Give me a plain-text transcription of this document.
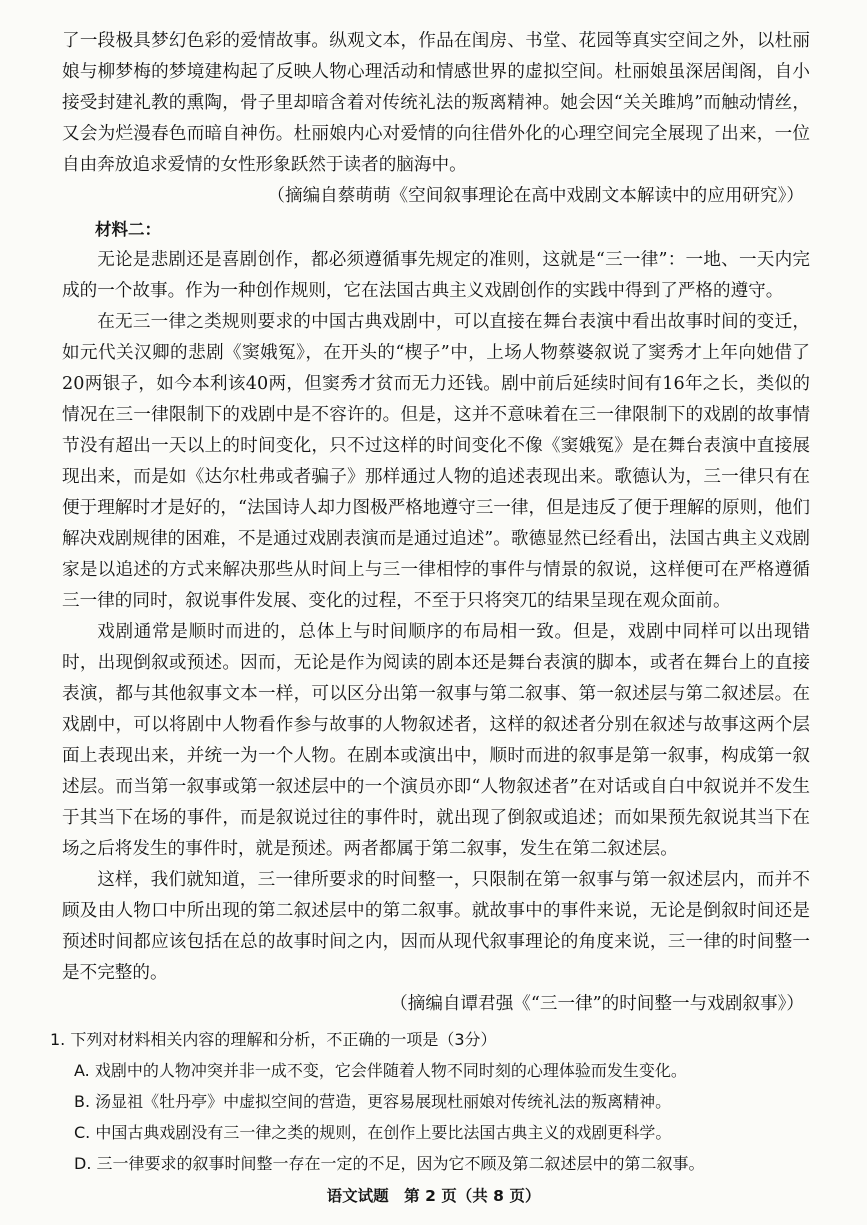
了一段极具梦幻色彩的爱情故事。纵观文本，作品在闺房、书堂、花园等真实空间之外，以杜丽娘与柳梦梅的梦境建构起了反映人物心理活动和情感世界的虚拟空间。杜丽娘虽深居闺阁，自小接受封建礼教的熏陶，骨子里却暗含着对传统礼法的叛离精神。她会因“关关雎鸠”而触动情丝，又会为烂漫春色而暗自神伤。杜丽娘内心对爱情的向往借外化的心理空间完全展现了出来，一位自由奔放追求爱情的女性形象跃然于读者的脑海中。

（摘编自蔡萌萌《空间叙事理论在高中戏剧文本解读中的应用研究》）

材料二：

无论是悲剧还是喜剧创作，都必须遵循事先规定的准则，这就是“三一律”：一地、一天内完成的一个故事。作为一种创作规则，它在法国古典主义戏剧创作的实践中得到了严格的遵守。

在无三一律之类规则要求的中国古典戏剧中，可以直接在舞台表演中看出故事时间的变迁，如元代关汉卿的悲剧《窦娥冤》，在开头的“楔子”中，上场人物蔡婆叙说了窦秀才上年向她借了20两银子，如今本利该40两，但窦秀才贫而无力还钱。剧中前后延续时间有16年之长，类似的情况在三一律限制下的戏剧中是不容许的。但是，这并不意味着在三一律限制下的戏剧的故事情节没有超出一天以上的时间变化，只不过这样的时间变化不像《窦娥冤》是在舞台表演中直接展现出来，而是如《达尔杜弗或者骗子》那样通过人物的追述表现出来。歌德认为，三一律只有在便于理解时才是好的，“法国诗人却力图极严格地遵守三一律，但是违反了便于理解的原则，他们解决戏剧规律的困难，不是通过戏剧表演而是通过追述”。歌德显然已经看出，法国古典主义戏剧家是以追述的方式来解决那些从时间上与三一律相悖的事件与情景的叙说，这样便可在严格遵循三一律的同时，叙说事件发展、变化的过程，不至于只将突兀的结果呈现在观众面前。

戏剧通常是顺时而进的，总体上与时间顺序的布局相一致。但是，戏剧中同样可以出现错时，出现倒叙或预述。因而，无论是作为阅读的剧本还是舞台表演的脚本，或者在舞台上的直接表演，都与其他叙事文本一样，可以区分出第一叙事与第二叙事、第一叙述层与第二叙述层。在戏剧中，可以将剧中人物看作参与故事的人物叙述者，这样的叙述者分别在叙述与故事这两个层面上表现出来，并统一为一个人物。在剧本或演出中，顺时而进的叙事是第一叙事，构成第一叙述层。而当第一叙事或第一叙述层中的一个演员亦即“人物叙述者”在对话或自白中叙说并不发生于其当下在场的事件，而是叙说过往的事件时，就出现了倒叙或追述；而如果预先叙说其当下在场之后将发生的事件时，就是预述。两者都属于第二叙事，发生在第二叙述层。

这样，我们就知道，三一律所要求的时间整一，只限制在第一叙事与第一叙述层内，而并不顾及由人物口中所出现的第二叙述层中的第二叙事。就故事中的事件来说，无论是倒叙时间还是预述时间都应该包括在总的故事时间之内，因而从现代叙事理论的角度来说，三一律的时间整一是不完整的。

（摘编自谭君强《“三一律”的时间整一与戏剧叙事》）

1. 下列对材料相关内容的理解和分析，不正确的一项是（3分）

A. 戏剧中的人物冲突并非一成不变，它会伴随着人物不同时刻的心理体验而发生变化。

B. 汤显祖《牡丹亭》中虚拟空间的营造，更容易展现杜丽娘对传统礼法的叛离精神。

C. 中国古典戏剧没有三一律之类的规则，在创作上要比法国古典主义的戏剧更科学。

D. 三一律要求的叙事时间整一存在一定的不足，因为它不顾及第二叙述层中的第二叙事。

语文试题　第 2 页（共 8 页）
